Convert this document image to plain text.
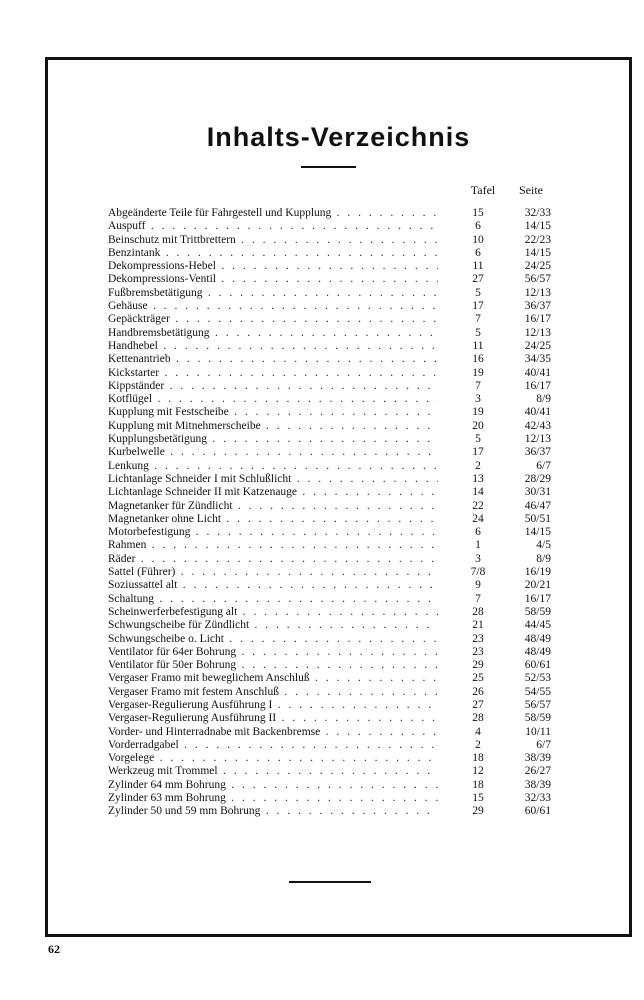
Inhalts-Verzeichnis
Tafel	Seite
Abgeänderte Teile für Fahrgestell und Kupplung . . .	15	32/33
Auspuff . . .	6	14/15
Beinschutz mit Trittbrettern . . .	10	22/23
Benzintank . . .	6	14/15
Dekompressions-Hebel . . .	11	24/25
Dekompressions-Ventil . . .	27	56/57
Fußbremsbetätigung . . .	5	12/13
Gehäuse . . .	17	36/37
Gepäckträger . . .	7	16/17
Handbremsbetätigung . . .	5	12/13
Handhebel . . .	11	24/25
Kettenantrieb . . .	16	34/35
Kickstarter . . .	19	40/41
Kippständer . . .	7	16/17
Kotflügel . . .	3	8/9
Kupplung mit Festscheibe . . .	19	40/41
Kupplung mit Mitnehmerscheibe . . .	20	42/43
Kupplungsbetätigung . . .	5	12/13
Kurbelwelle . . .	17	36/37
Lenkung . . .	2	6/7
Lichtanlage Schneider I mit Schlußlicht . . .	13	28/29
Lichtanlage Schneider II mit Katzenauge . . .	14	30/31
Magnetanker für Zündlicht . . .	22	46/47
Magnetanker ohne Licht . . .	24	50/51
Motorbefestigung . . .	6	14/15
Rahmen . . .	1	4/5
Räder . . .	3	8/9
Sattel (Führer) . . .	7/8	16/19
Soziussattel alt . . .	9	20/21
Schaltung . . .	7	16/17
Scheinwerferbefestigung alt . . .	28	58/59
Schwungscheibe für Zündlicht . . .	21	44/45
Schwungscheibe o. Licht . . .	23	48/49
Ventilator für 64er Bohrung . . .	23	48/49
Ventilator für 50er Bohrung . . .	29	60/61
Vergaser Framo mit beweglichem Anschluß . . .	25	52/53
Vergaser Framo mit festem Anschluß . . .	26	54/55
Vergaser-Regulierung Ausführung I . . .	27	56/57
Vergaser-Regulierung Ausführung II . . .	28	58/59
Vorder- und Hinterradnabe mit Backenbremse . . .	4	10/11
Vorderradgabel . . .	2	6/7
Vorgelege . . .	18	38/39
Werkzeug mit Trommel . . .	12	26/27
Zylinder 64 mm Bohrung . . .	18	38/39
Zylinder 63 mm Bohrung . . .	15	32/33
Zylinder 50 und 59 mm Bohrung . . .	29	60/61
62
